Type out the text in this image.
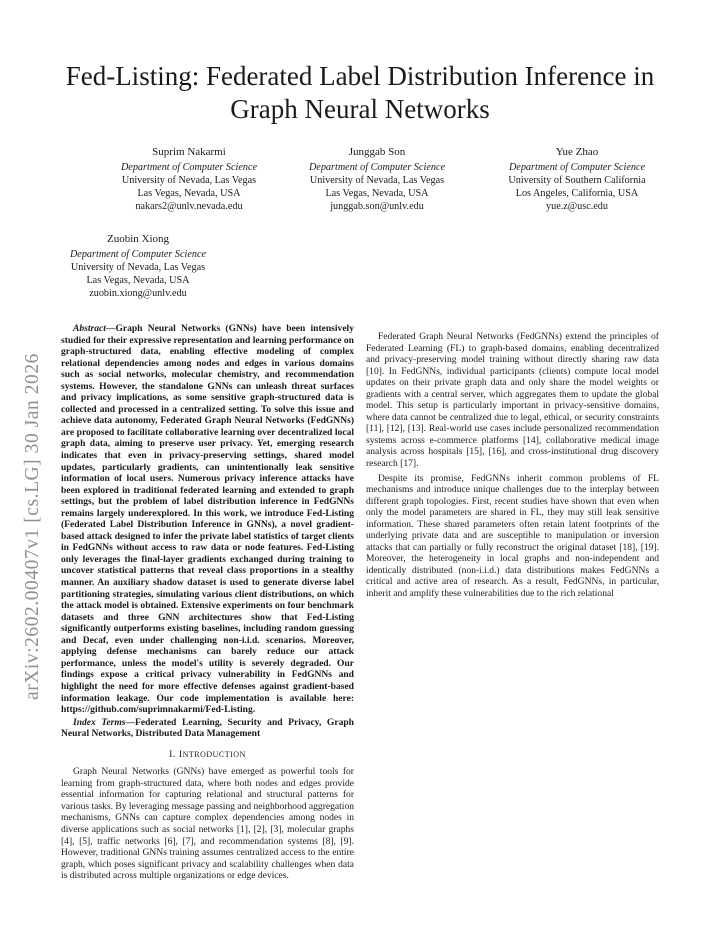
Fed-Listing: Federated Label Distribution Inference in Graph Neural Networks
Suprim Nakarmi
Department of Computer Science
University of Nevada, Las Vegas
Las Vegas, Nevada, USA
nakars2@unlv.nevada.edu
Junggab Son
Department of Computer Science
University of Nevada, Las Vegas
Las Vegas, Nevada, USA
junggab.son@unlv.edu
Yue Zhao
Department of Computer Science
University of Southern California
Los Angeles, California, USA
yue.z@usc.edu
Zuobin Xiong
Department of Computer Science
University of Nevada, Las Vegas
Las Vegas, Nevada, USA
zuobin.xiong@unlv.edu
arXiv:2602.00407v1 [cs.LG] 30 Jan 2026

Abstract—Graph Neural Networks (GNNs) have been intensively studied for their expressive representation and learning performance on graph-structured data, enabling effective modeling of complex relational dependencies among nodes and edges in various domains such as social networks, molecular chemistry, and recommendation systems. However, the standalone GNNs can unleash threat surfaces and privacy implications, as some sensitive graph-structured data is collected and processed in a centralized setting. To solve this issue and achieve data autonomy, Federated Graph Neural Networks (FedGNNs) are proposed to facilitate collaborative learning over decentralized local graph data, aiming to preserve user privacy. Yet, emerging research indicates that even in privacy-preserving settings, shared model updates, particularly gradients, can unintentionally leak sensitive information of local users. Numerous privacy inference attacks have been explored in traditional federated learning and extended to graph settings, but the problem of label distribution inference in FedGNNs remains largely underexplored. In this work, we introduce Fed-Listing (Federated Label Distribution Inference in GNNs), a novel gradient-based attack designed to infer the private label statistics of target clients in FedGNNs without access to raw data or node features. Fed-Listing only leverages the final-layer gradients exchanged during training to uncover statistical patterns that reveal class proportions in a stealthy manner. An auxiliary shadow dataset is used to generate diverse label partitioning strategies, simulating various client distributions, on which the attack model is obtained. Extensive experiments on four benchmark datasets and three GNN architectures show that Fed-Listing significantly outperforms existing baselines, including random guessing and Decaf, even under challenging non-i.i.d. scenarios. Moreover, applying defense mechanisms can barely reduce our attack performance, unless the model's utility is severely degraded. Our findings expose a critical privacy vulnerability in FedGNNs and highlight the need for more effective defenses against gradient-based information leakage. Our code implementation is available here: https://github.com/suprimnakarmi/Fed-Listing.

Index Terms—Federated Learning, Security and Privacy, Graph Neural Networks, Distributed Data Management

I. INTRODUCTION

Graph Neural Networks (GNNs) have emerged as powerful tools for learning from graph-structured data, where both nodes and edges provide essential information for capturing relational and structural patterns for various tasks. By leveraging message passing and neighborhood aggregation mechanisms, GNNs can capture complex dependencies among nodes in diverse applications such as social networks [1], [2], [3], molecular graphs [4], [5], traffic networks [6], [7], and recommendation systems [8], [9]. However, traditional GNNs training assumes centralized access to the entire graph, which poses significant privacy and scalability challenges when data is distributed across multiple organizations or edge devices.

Federated Graph Neural Networks (FedGNNs) extend the principles of Federated Learning (FL) to graph-based domains, enabling decentralized and privacy-preserving model training without directly sharing raw data [10]. In FedGNNs, individual participants (clients) compute local model updates on their private graph data and only share the model weights or gradients with a central server, which aggregates them to update the global model. This setup is particularly important in privacy-sensitive domains, where data cannot be centralized due to legal, ethical, or security constraints [11], [12], [13]. Real-world use cases include personalized recommendation systems across e-commerce platforms [14], collaborative medical image analysis across hospitals [15], [16], and cross-institutional drug discovery research [17].

Despite its promise, FedGNNs inherit common problems of FL mechanisms and introduce unique challenges due to the interplay between different graph topologies. First, recent studies have shown that even when only the model parameters are shared in FL, they may still leak sensitive information. These shared parameters often retain latent footprints of the underlying private data and are susceptible to manipulation or inversion attacks that can partially or fully reconstruct the original dataset [18], [19]. Moreover, the heterogeneity in local graphs and non-independent and identically distributed (non-i.i.d.) data distributions makes FedGNNs a critical and active area of research. As a result, FedGNNs, in particular, inherit and amplify these vulnerabilities due to the rich relational
